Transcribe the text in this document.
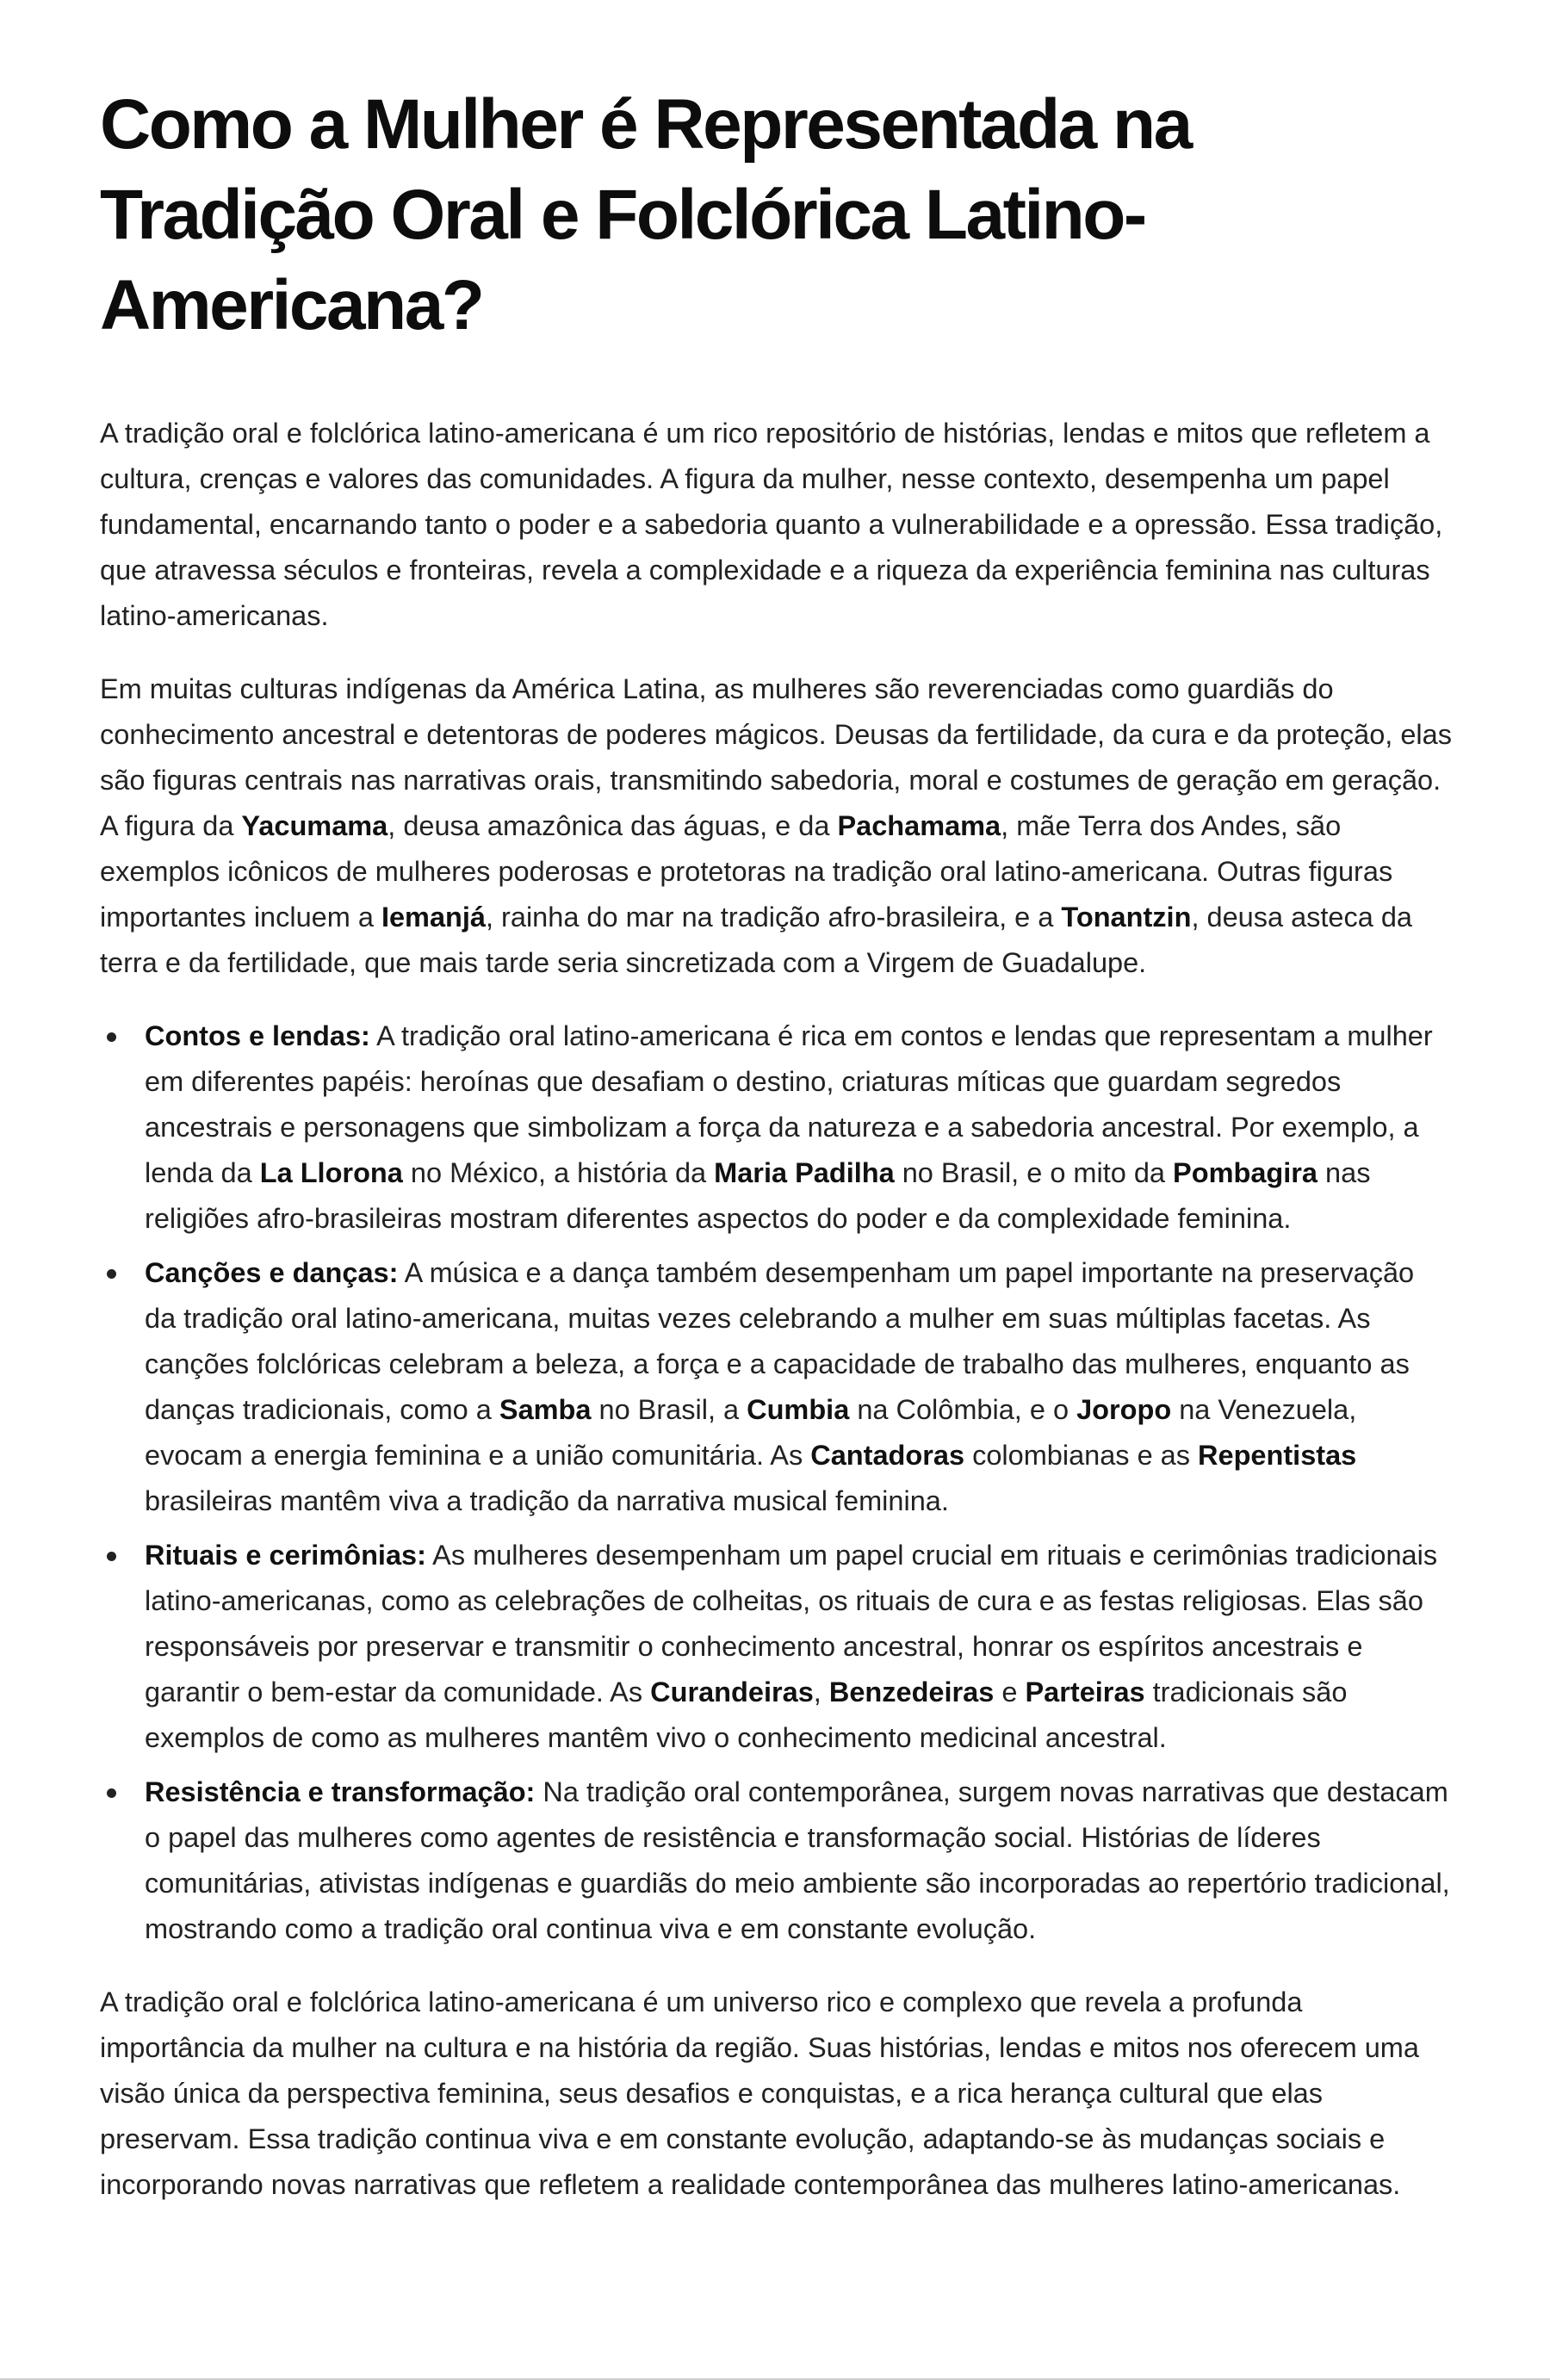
Como a Mulher é Representada na Tradição Oral e Folclórica Latino-Americana?

A tradição oral e folclórica latino-americana é um rico repositório de histórias, lendas e mitos que refletem a cultura, crenças e valores das comunidades. A figura da mulher, nesse contexto, desempenha um papel fundamental, encarnando tanto o poder e a sabedoria quanto a vulnerabilidade e a opressão. Essa tradição, que atravessa séculos e fronteiras, revela a complexidade e a riqueza da experiência feminina nas culturas latino-americanas.

Em muitas culturas indígenas da América Latina, as mulheres são reverenciadas como guardiãs do conhecimento ancestral e detentoras de poderes mágicos. Deusas da fertilidade, da cura e da proteção, elas são figuras centrais nas narrativas orais, transmitindo sabedoria, moral e costumes de geração em geração. A figura da Yacumama, deusa amazônica das águas, e da Pachamama, mãe Terra dos Andes, são exemplos icônicos de mulheres poderosas e protetoras na tradição oral latino-americana. Outras figuras importantes incluem a Iemanjá, rainha do mar na tradição afro-brasileira, e a Tonantzin, deusa asteca da terra e da fertilidade, que mais tarde seria sincretizada com a Virgem de Guadalupe.

Contos e lendas: A tradição oral latino-americana é rica em contos e lendas que representam a mulher em diferentes papéis: heroínas que desafiam o destino, criaturas míticas que guardam segredos ancestrais e personagens que simbolizam a força da natureza e a sabedoria ancestral. Por exemplo, a lenda da La Llorona no México, a história da Maria Padilha no Brasil, e o mito da Pombagira nas religiões afro-brasileiras mostram diferentes aspectos do poder e da complexidade feminina.
Canções e danças: A música e a dança também desempenham um papel importante na preservação da tradição oral latino-americana, muitas vezes celebrando a mulher em suas múltiplas facetas. As canções folclóricas celebram a beleza, a força e a capacidade de trabalho das mulheres, enquanto as danças tradicionais, como a Samba no Brasil, a Cumbia na Colômbia, e o Joropo na Venezuela, evocam a energia feminina e a união comunitária. As Cantadoras colombianas e as Repentistas brasileiras mantêm viva a tradição da narrativa musical feminina.
Rituais e cerimônias: As mulheres desempenham um papel crucial em rituais e cerimônias tradicionais latino-americanas, como as celebrações de colheitas, os rituais de cura e as festas religiosas. Elas são responsáveis por preservar e transmitir o conhecimento ancestral, honrar os espíritos ancestrais e garantir o bem-estar da comunidade. As Curandeiras, Benzedeiras e Parteiras tradicionais são exemplos de como as mulheres mantêm vivo o conhecimento medicinal ancestral.
Resistência e transformação: Na tradição oral contemporânea, surgem novas narrativas que destacam o papel das mulheres como agentes de resistência e transformação social. Histórias de líderes comunitárias, ativistas indígenas e guardiãs do meio ambiente são incorporadas ao repertório tradicional, mostrando como a tradição oral continua viva e em constante evolução.

A tradição oral e folclórica latino-americana é um universo rico e complexo que revela a profunda importância da mulher na cultura e na história da região. Suas histórias, lendas e mitos nos oferecem uma visão única da perspectiva feminina, seus desafios e conquistas, e a rica herança cultural que elas preservam. Essa tradição continua viva e em constante evolução, adaptando-se às mudanças sociais e incorporando novas narrativas que refletem a realidade contemporânea das mulheres latino-americanas.
